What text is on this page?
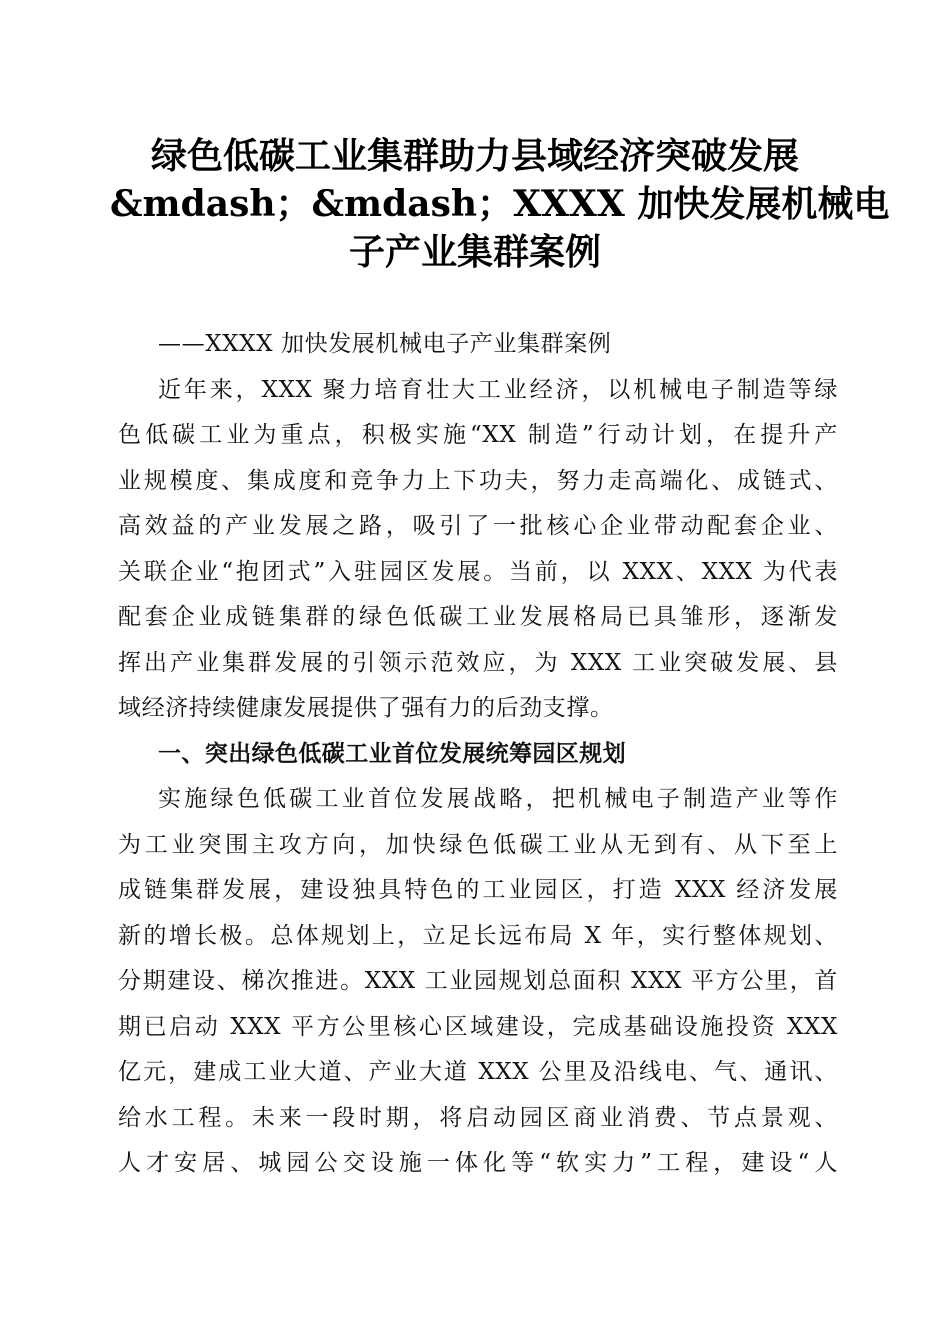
绿色低碳工业集群助力县域经济突破发展
&mdash；&mdash；XXXX 加快发展机械电
子产业集群案例
——XXXX 加快发展机械电子产业集群案例
近年来，XXX 聚力培育壮大工业经济，以机械电子制造等绿
色低碳工业为重点，积极实施“XX 制造”行动计划，在提升产
业规模度、集成度和竞争力上下功夫，努力走高端化、成链式、
高效益的产业发展之路，吸引了一批核心企业带动配套企业、
关联企业“抱团式”入驻园区发展。当前，以 XXX、XXX 为代表
配套企业成链集群的绿色低碳工业发展格局已具雏形，逐渐发
挥出产业集群发展的引领示范效应，为 XXX 工业突破发展、县
域经济持续健康发展提供了强有力的后劲支撑。
一、突出绿色低碳工业首位发展统筹园区规划
实施绿色低碳工业首位发展战略，把机械电子制造产业等作
为工业突围主攻方向，加快绿色低碳工业从无到有、从下至上
成链集群发展，建设独具特色的工业园区，打造 XXX 经济发展
新的增长极。总体规划上，立足长远布局 X 年，实行整体规划、
分期建设、梯次推进。XXX 工业园规划总面积 XXX 平方公里，首
期已启动 XXX 平方公里核心区域建设，完成基础设施投资 XXX
亿元，建成工业大道、产业大道 XXX 公里及沿线电、气、通讯、
给水工程。未来一段时期，将启动园区商业消费、节点景观、
人才安居、城园公交设施一体化等“软实力”工程，建设“人
